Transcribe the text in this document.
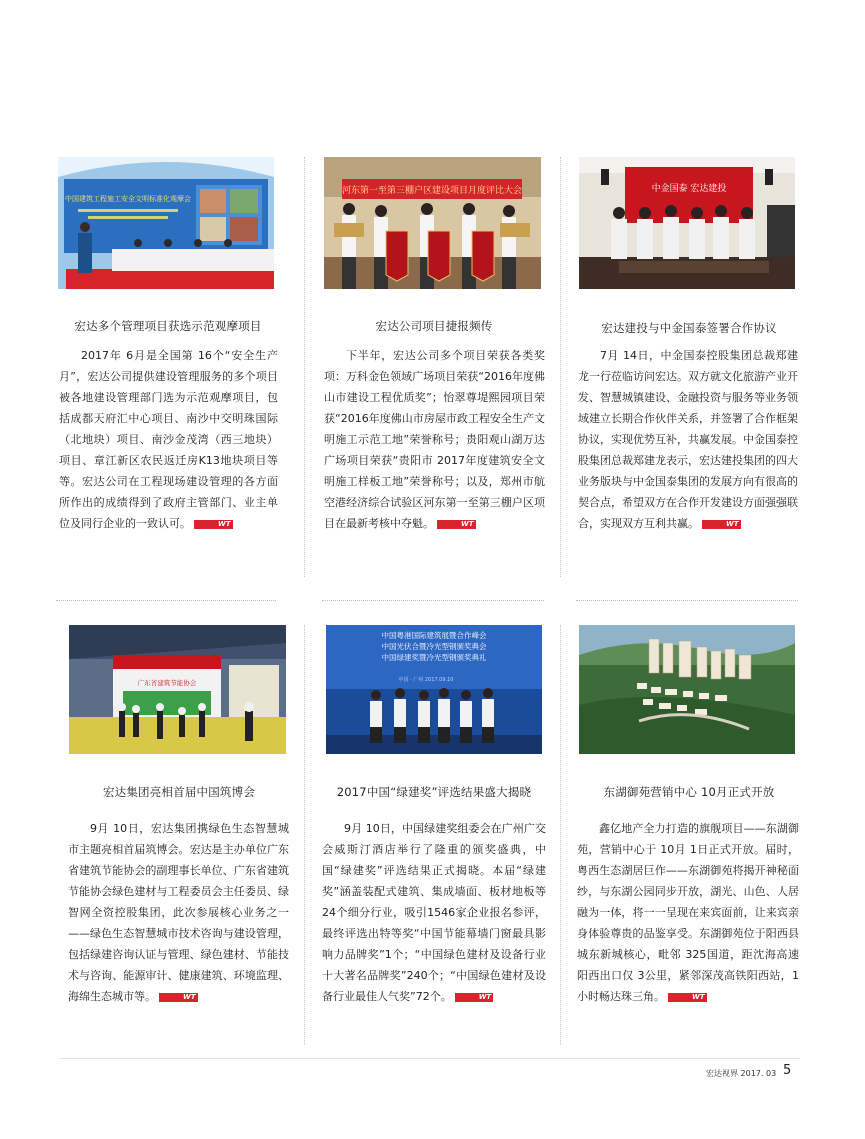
中国建筑工程施工安全文明标准化观摩会
宏达多个管理项目获选示范观摩项目

2017年 6月是全国第 16个“安全生产月”，宏达公司提供建设管理服务的多个项目被各地建设管理部门选为示范观摩项目，包括成都天府汇中心项目、南沙中交明珠国际（北地块）项目、南沙金茂湾（西三地块）项目、章江新区农民返迁房K13地块项目等等。宏达公司在工程现场建设管理的各方面所作出的成绩得到了政府主管部门、业主单位及同行企业的一致认可。	WT

河东第一至第三棚户区建设项目月度评比大会
宏达公司项目捷报频传

下半年，宏达公司多个项目荣获各类奖项：万科金色领域广场项目荣获“2016年度佛山市建设工程优质奖”；怡翠尊堤熙园项目荣获“2016年度佛山市房屋市政工程安全生产文明施工示范工地”荣誉称号；贵阳观山湖万达广场项目荣获“贵阳市 2017年度建筑安全文明施工样板工地”荣誉称号；以及，郑州市航空港经济综合试验区河东第一至第三棚户区项目在最新考核中夺魁。	WT

中金国泰 宏达建投
宏达建投与中金国泰签署合作协议

7月 14日，中金国泰控股集团总裁郑建龙一行莅临访问宏达。双方就文化旅游产业开发、智慧城镇建设、金融投资与服务等业务领域建立长期合作伙伴关系，并签署了合作框架协议，实现优势互补，共赢发展。中金国泰控股集团总裁郑建龙表示，宏达建投集团的四大业务版块与中金国泰集团的发展方向有很高的契合点，希望双方在合作开发建设方面强强联合，实现双方互利共赢。	WT

广东省建筑节能协会
宏达集团亮相首届中国筑博会

9月 10日，宏达集团携绿色生态智慧城市主题亮相首届筑博会。宏达是主办单位广东省建筑节能协会的副理事长单位、广东省建筑节能协会绿色建材与工程委员会主任委员、绿智网全资控股集团，此次参展核心业务之一——绿色生态智慧城市技术咨询与建设管理，包括绿建咨询认证与管理、绿色建材、节能技术与咨询、能源审计、健康建筑、环境监理、海绵生态城市等。	WT

中国粤港国际建筑展暨合作峰会
中国光伏合暨冷光型钢颁奖典会
中国绿建奖暨冷光型钢颁奖典礼
中国 · 广州 2017.09.10
2017中国“绿建奖”评选结果盛大揭晓

9月 10日，中国绿建奖组委会在广州广交会威斯汀酒店举行了隆重的颁奖盛典，中国“绿建奖”评选结果正式揭晓。本届“绿建奖”涵盖装配式建筑、集成墙面、板材地板等 24个细分行业，吸引1546家企业报名参评，最终评选出特等奖“中国节能幕墙门窗最具影响力品牌奖”1个；“中国绿色建材及设备行业十大著名品牌奖”240个；“中国绿色建材及设备行业最佳人气奖”72个。	WT

东湖御苑营销中心 10月正式开放

鑫亿地产全力打造的旗舰项目——东湖御苑，营销中心于 10月 1日正式开放。届时，粤西生态湖居巨作——东湖御苑将揭开神秘面纱，与东湖公园同步开放，湖光、山色、人居融为一体，将一一呈现在来宾面前，让来宾亲身体验尊贵的品鉴享受。东湖御苑位于阳西县城东新城核心，毗邻 325国道，距沈海高速阳西出口仅 3公里，紧邻深茂高铁阳西站，1小时畅达珠三角。	WT

宏达视界 2017. 03 5
